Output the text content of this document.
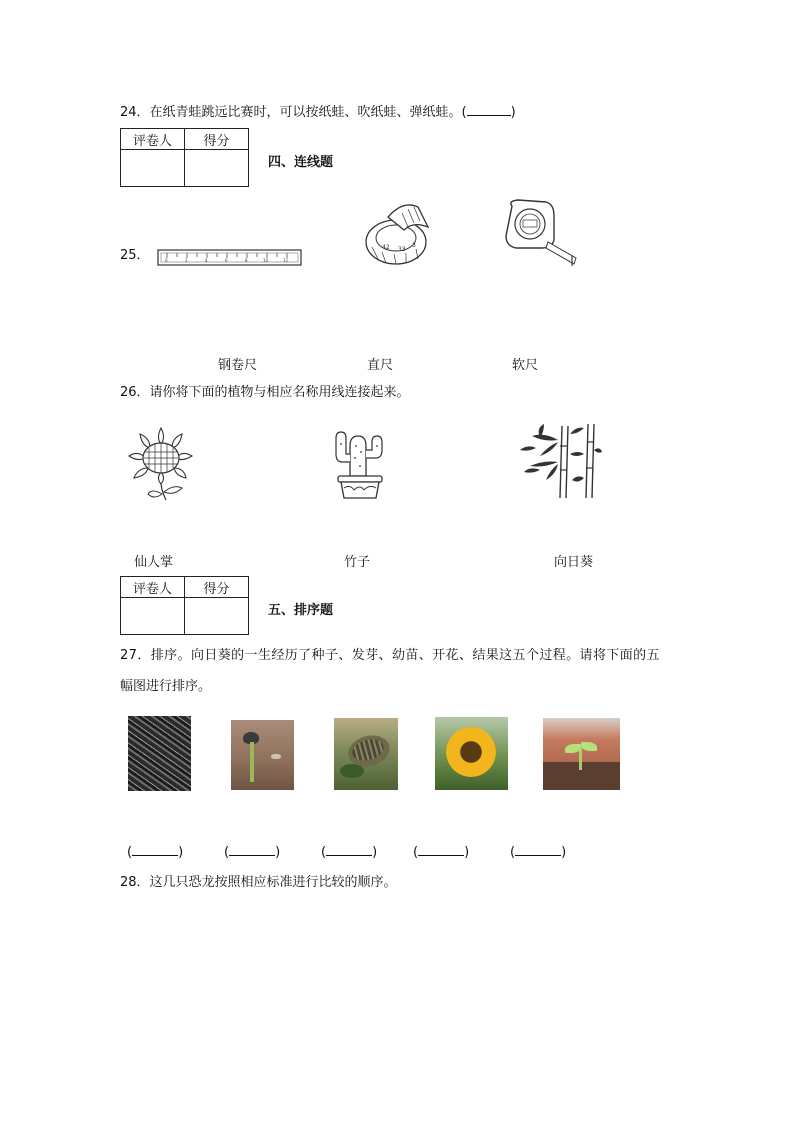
24．在纸青蛙跳远比赛时，可以按纸蛙、吹纸蛙、弹纸蛙。(	)
评卷人	得分

四、连线题
25．	0	2	4	6	8	10	12
33
3
42
钢卷尺	直尺	软尺
26．请你将下面的植物与相应名称用线连接起来。
仙人掌	竹子	向日葵
评卷人	得分

五、排序题
27．排序。向日葵的一生经历了种子、发芽、幼苗、开花、结果这五个过程。请将下面的五
幅图进行排序。
(	)	(	)	(	)	(	)	(	)
28．这几只恐龙按照相应标准进行比较的顺序。
